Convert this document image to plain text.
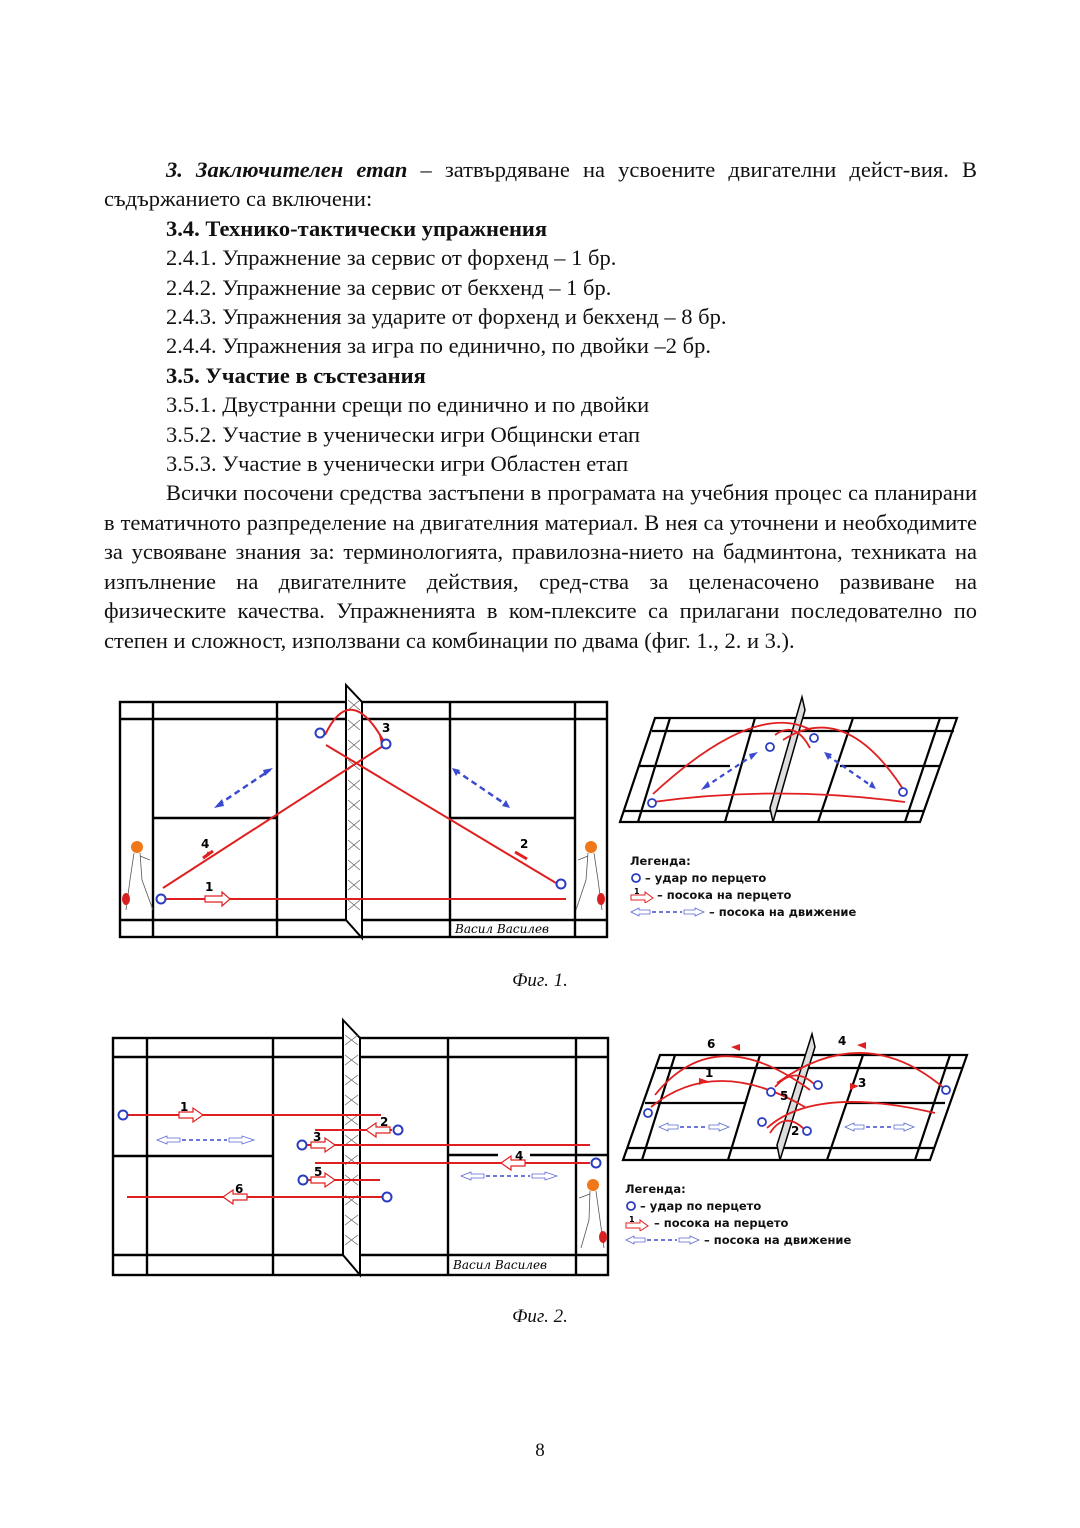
3. Заключителен етап – затвърдяване на усвоените двигателни дейст-вия. В съдържанието са включени:

3.4. Технико-тактически упражнения

2.4.1. Упражнение за сервис от форхенд – 1 бр.

2.4.2. Упражнение за сервис от бекхенд – 1 бр.

2.4.3. Упражнения за ударите от форхенд и бекхенд – 8 бр.

2.4.4. Упражнения за игра по единично, по двойки –2 бр.

3.5. Участие в състезания

3.5.1. Двустранни срещи по единично и по двойки

3.5.2. Участие в ученически игри Общински етап

3.5.3. Участие в ученически игри Областен етап

Всички посочени средства застъпени в програмата на учебния процес са планирани в тематичното разпределение на двигателния материал. В нея са уточнени и необходимите за усвояване знания за: терминологията, правилозна-нието на бадминтона, техниката на изпълнение на двигателните действия, сред-ства за целенасочено развиване на физическите качества. Упражненията в ком-плексите са прилагани последователно по степен и сложност, използвани са комбинации по двама (фиг. 1., 2. и 3.).

1
2
3
4
Васил Василев
Легенда:
– удар по перцето
1 – посока на перцето
– посока на движение
Фиг. 1.
1
2
3
4
5
6
Васил Василев
1
2
3
4
5
6
Легенда:
– удар по перцето
1 – посока на перцето
– посока на движение
Фиг. 2.
8
